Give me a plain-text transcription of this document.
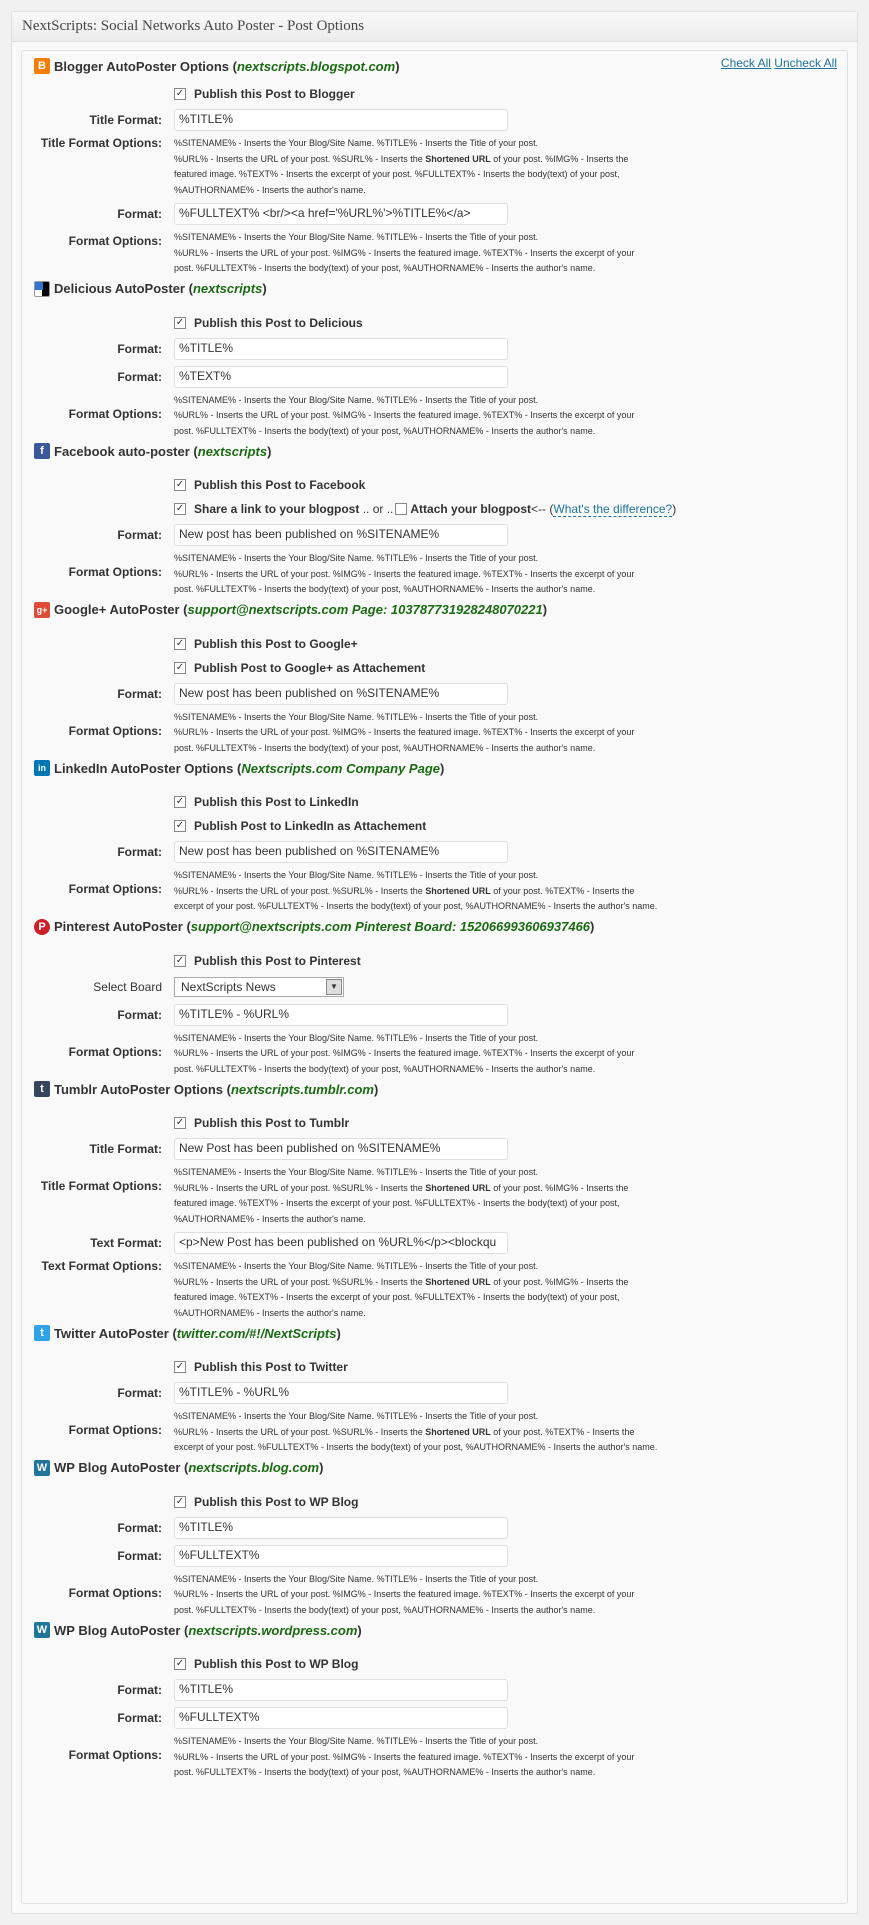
NextScripts: Social Networks Auto Poster - Post Options
Check All Uncheck All
B Blogger AutoPoster Options ( nextscripts.blogspot.com )
✓ Publish this Post to Blogger
Title Format:	%TITLE%
Title Format Options:	%SITENAME% - Inserts the Your Blog/Site Name. %TITLE% - Inserts the Title of your post.
%URL% - Inserts the URL of your post. %SURL% - Inserts the Shortened URL of your post. %IMG% - Inserts the
featured image. %TEXT% - Inserts the excerpt of your post. %FULLTEXT% - Inserts the body(text) of your post,
%AUTHORNAME% - Inserts the author's name.
Format:	%FULLTEXT% <br/><a href='%URL%'>%TITLE%</a>
Format Options:	%SITENAME% - Inserts the Your Blog/Site Name. %TITLE% - Inserts the Title of your post.
%URL% - Inserts the URL of your post. %IMG% - Inserts the featured image. %TEXT% - Inserts the excerpt of your
post. %FULLTEXT% - Inserts the body(text) of your post, %AUTHORNAME% - Inserts the author's name.
Delicious AutoPoster ( nextscripts )
✓ Publish this Post to Delicious
Format:	%TITLE%
Format:	%TEXT%
Format Options:
%SITENAME% - Inserts the Your Blog/Site Name. %TITLE% - Inserts the Title of your post.
%URL% - Inserts the URL of your post. %IMG% - Inserts the featured image. %TEXT% - Inserts the excerpt of your
post. %FULLTEXT% - Inserts the body(text) of your post, %AUTHORNAME% - Inserts the author's name.
f Facebook auto-poster ( nextscripts )
✓ Publish this Post to Facebook
✓ Share a link to your blogpost .. or .. Attach your blogpost<-- (What's the difference?)
Format:	New post has been published on %SITENAME%
Format Options:
%SITENAME% - Inserts the Your Blog/Site Name. %TITLE% - Inserts the Title of your post.
%URL% - Inserts the URL of your post. %IMG% - Inserts the featured image. %TEXT% - Inserts the excerpt of your
post. %FULLTEXT% - Inserts the body(text) of your post, %AUTHORNAME% - Inserts the author's name.
g+ Google+ AutoPoster ( support@nextscripts.com Page: 103787731928248070221 )
✓ Publish this Post to Google+
✓ Publish Post to Google+ as Attachement
Format:	New post has been published on %SITENAME%
Format Options:
%SITENAME% - Inserts the Your Blog/Site Name. %TITLE% - Inserts the Title of your post.
%URL% - Inserts the URL of your post. %IMG% - Inserts the featured image. %TEXT% - Inserts the excerpt of your
post. %FULLTEXT% - Inserts the body(text) of your post, %AUTHORNAME% - Inserts the author's name.
in LinkedIn AutoPoster Options ( Nextscripts.com Company Page )
✓ Publish this Post to LinkedIn
✓ Publish Post to LinkedIn as Attachement
Format:	New post has been published on %SITENAME%
Format Options:
%SITENAME% - Inserts the Your Blog/Site Name. %TITLE% - Inserts the Title of your post.
%URL% - Inserts the URL of your post. %SURL% - Inserts the Shortened URL of your post. %TEXT% - Inserts the
excerpt of your post. %FULLTEXT% - Inserts the body(text) of your post, %AUTHORNAME% - Inserts the author's name.
P Pinterest AutoPoster ( support@nextscripts.com Pinterest Board: 152066993606937466 )
✓ Publish this Post to Pinterest
Select Board	NextScripts News	▼
Format:	%TITLE% - %URL%
Format Options:
%SITENAME% - Inserts the Your Blog/Site Name. %TITLE% - Inserts the Title of your post.
%URL% - Inserts the URL of your post. %IMG% - Inserts the featured image. %TEXT% - Inserts the excerpt of your
post. %FULLTEXT% - Inserts the body(text) of your post, %AUTHORNAME% - Inserts the author's name.
t Tumblr AutoPoster Options ( nextscripts.tumblr.com )
✓ Publish this Post to Tumblr
Title Format:	New Post has been published on %SITENAME%
Title Format Options:
%SITENAME% - Inserts the Your Blog/Site Name. %TITLE% - Inserts the Title of your post.
%URL% - Inserts the URL of your post. %SURL% - Inserts the Shortened URL of your post. %IMG% - Inserts the
featured image. %TEXT% - Inserts the excerpt of your post. %FULLTEXT% - Inserts the body(text) of your post,
%AUTHORNAME% - Inserts the author's name.
Text Format:	<p>New Post has been published on %URL%</p><blockqu
Text Format Options:	%SITENAME% - Inserts the Your Blog/Site Name. %TITLE% - Inserts the Title of your post.
%URL% - Inserts the URL of your post. %SURL% - Inserts the Shortened URL of your post. %IMG% - Inserts the
featured image. %TEXT% - Inserts the excerpt of your post. %FULLTEXT% - Inserts the body(text) of your post,
%AUTHORNAME% - Inserts the author's name.
t Twitter AutoPoster ( twitter.com/#!/NextScripts )
✓ Publish this Post to Twitter
Format:	%TITLE% - %URL%
Format Options:
%SITENAME% - Inserts the Your Blog/Site Name. %TITLE% - Inserts the Title of your post.
%URL% - Inserts the URL of your post. %SURL% - Inserts the Shortened URL of your post. %TEXT% - Inserts the
excerpt of your post. %FULLTEXT% - Inserts the body(text) of your post, %AUTHORNAME% - Inserts the author's name.
W WP Blog AutoPoster ( nextscripts.blog.com )
✓ Publish this Post to WP Blog
Format:	%TITLE%
Format:	%FULLTEXT%
Format Options:
%SITENAME% - Inserts the Your Blog/Site Name. %TITLE% - Inserts the Title of your post.
%URL% - Inserts the URL of your post. %IMG% - Inserts the featured image. %TEXT% - Inserts the excerpt of your
post. %FULLTEXT% - Inserts the body(text) of your post, %AUTHORNAME% - Inserts the author's name.
W WP Blog AutoPoster ( nextscripts.wordpress.com )
✓ Publish this Post to WP Blog
Format:	%TITLE%
Format:	%FULLTEXT%
Format Options:
%SITENAME% - Inserts the Your Blog/Site Name. %TITLE% - Inserts the Title of your post.
%URL% - Inserts the URL of your post. %IMG% - Inserts the featured image. %TEXT% - Inserts the excerpt of your
post. %FULLTEXT% - Inserts the body(text) of your post, %AUTHORNAME% - Inserts the author's name.
